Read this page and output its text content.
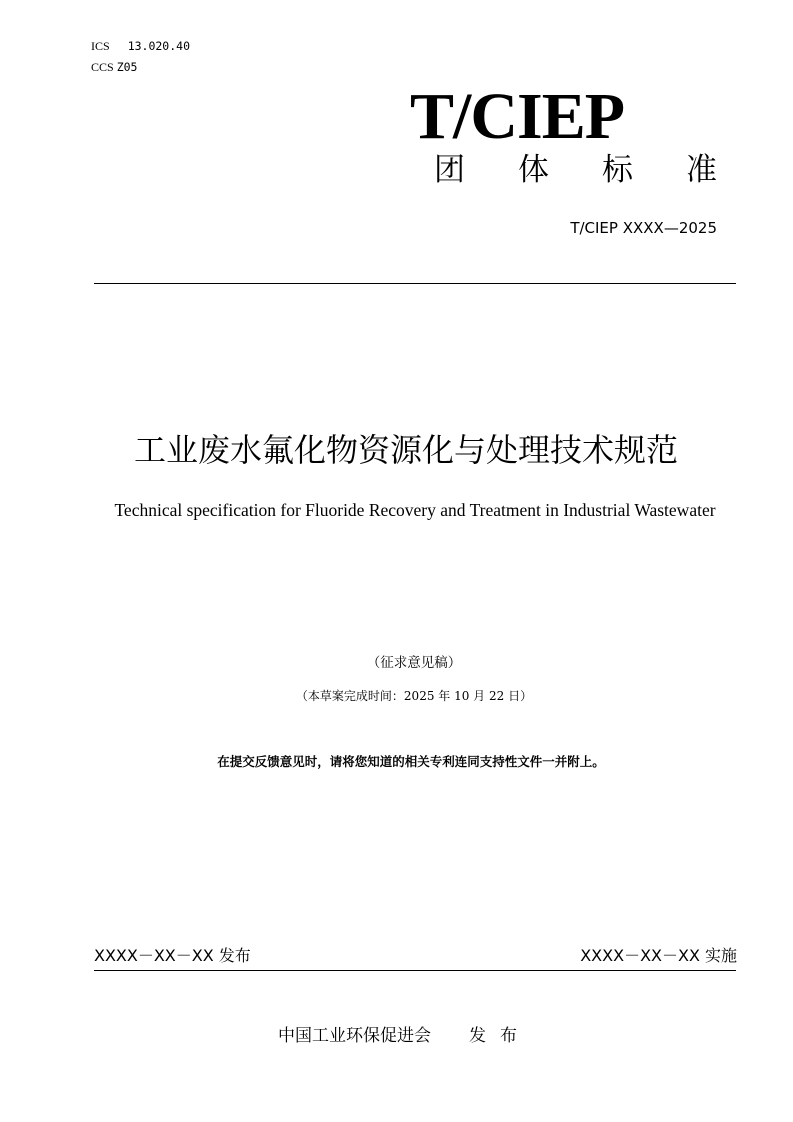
ICS 13.020.40
CCS Z05
T/CIEP
团体标准
T/CIEP XXXX—2025
工业废水氟化物资源化与处理技术规范
Technical specification for Fluoride Recovery and Treatment in Industrial Wastewater
（征求意见稿）
（本草案完成时间：2025 年 10 月 22 日）
在提交反馈意见时，请将您知道的相关专利连同支持性文件一并附上。
XXXX－XX－XX 发布	XXXX－XX－XX 实施
中国工业环保促进会 发布
